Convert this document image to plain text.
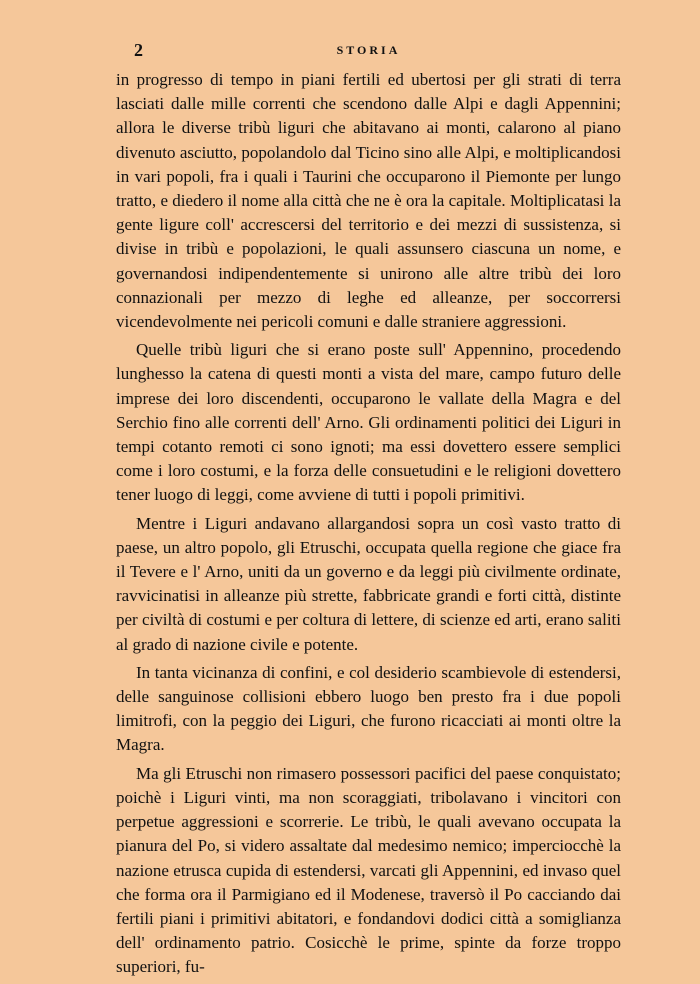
2	STORIA

in progresso di tempo in piani fertili ed ubertosi per gli strati di terra lasciati dalle mille correnti che scendono dalle Alpi e dagli Appennini; allora le diverse tribù liguri che abitavano ai monti, calarono al piano divenuto asciutto, popolandolo dal Ticino sino alle Alpi, e moltiplicandosi in vari popoli, fra i quali i Taurini che occuparono il Piemonte per lungo tratto, e diedero il nome alla città che ne è ora la capitale. Moltiplicatasi la gente ligure coll' accrescersi del territorio e dei mezzi di sussistenza, si divise in tribù e popolazioni, le quali assunsero ciascuna un nome, e governandosi indipendentemente si unirono alle altre tribù dei loro connazionali per mezzo di leghe ed alleanze, per soccorrersi vicendevolmente nei pericoli comuni e dalle straniere aggressioni.

Quelle tribù liguri che si erano poste sull' Appennino, procedendo lunghesso la catena di questi monti a vista del mare, campo futuro delle imprese dei loro discendenti, occuparono le vallate della Magra e del Serchio fino alle correnti dell' Arno. Gli ordinamenti politici dei Liguri in tempi cotanto remoti ci sono ignoti; ma essi dovettero essere semplici come i loro costumi, e la forza delle consuetudini e le religioni dovettero tener luogo di leggi, come avviene di tutti i popoli primitivi.

Mentre i Liguri andavano allargandosi sopra un così vasto tratto di paese, un altro popolo, gli Etruschi, occupata quella regione che giace fra il Tevere e l' Arno, uniti da un governo e da leggi più civilmente ordinate, ravvicinatisi in alleanze più strette, fabbricate grandi e forti città, distinte per civiltà di costumi e per coltura di lettere, di scienze ed arti, erano saliti al grado di nazione civile e potente.

In tanta vicinanza di confini, e col desiderio scambievole di estendersi, delle sanguinose collisioni ebbero luogo ben presto fra i due popoli limitrofi, con la peggio dei Liguri, che furono ricacciati ai monti oltre la Magra.

Ma gli Etruschi non rimasero possessori pacifici del paese conquistato; poichè i Liguri vinti, ma non scoraggiati, tribolavano i vincitori con perpetue aggressioni e scorrerie. Le tribù, le quali avevano occupata la pianura del Po, si videro assaltate dal medesimo nemico; imperciocchè la nazione etrusca cupida di estendersi, varcati gli Appennini, ed invaso quel che forma ora il Parmigiano ed il Modenese, traversò il Po cacciando dai fertili piani i primitivi abitatori, e fondandovi dodici città a somiglianza dell' ordinamento patrio. Cosicchè le prime, spinte da forze troppo superiori, fu-
